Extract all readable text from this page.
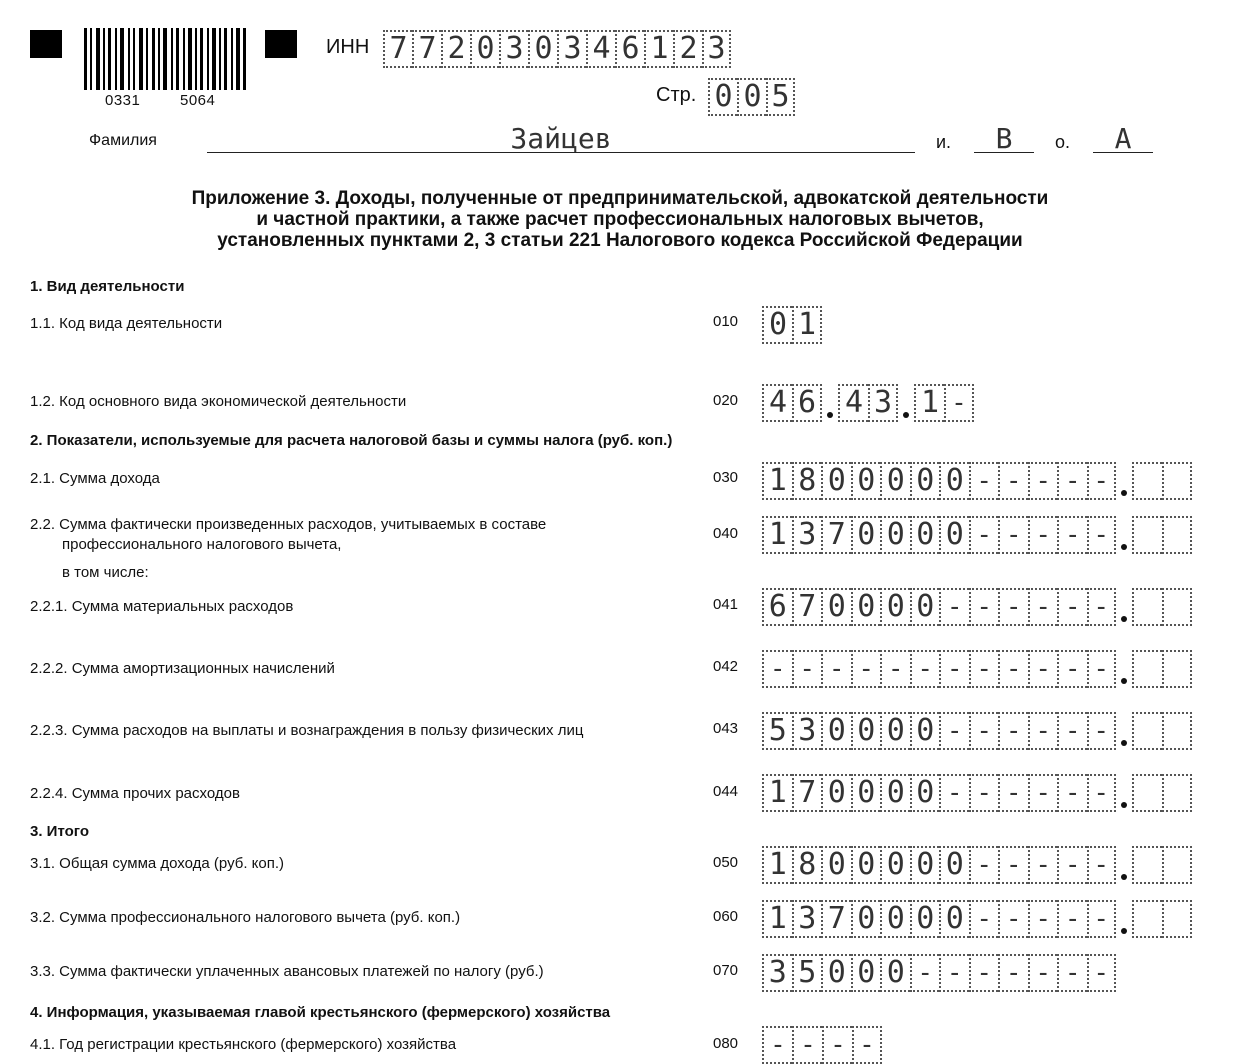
0331	5064
ИНН 7 7 2 0 3 0 3 4 6 1 2 3
Стр. 0 0 5
Фамилия	Зайцев	и.	В	о.	А
Приложение 3. Доходы, полученные от предпринимательской, адвокатской деятельности
и частной практики, а также расчет профессиональных налоговых вычетов,
установленных пунктами 2, 3 статьи 221 Налогового кодекса Российской Федерации
1. Вид деятельности
1.1. Код вида деятельности	010 0 1
1.2. Код основного вида экономической деятельности	020 4 6 4 3 1 -
2. Показатели, используемые для расчета налоговой базы и суммы налога (руб. коп.)
2.1. Сумма дохода	030 1 8 0 0 0 0 0 - - - - -
2.2. Сумма фактически произведенных расходов, учитываемых в составе
профессионального налогового вычета,
в том числе:
040 1 3 7 0 0 0 0 - - - - -
2.2.1. Сумма материальных расходов	041 6 7 0 0 0 0 - - - - - -
2.2.2. Сумма амортизационных начислений	042	- - - - - - - - - - - -
2.2.3. Сумма расходов на выплаты и вознаграждения в пользу физических лиц	043 5 3 0 0 0 0 - - - - - -
2.2.4. Сумма прочих расходов	044 1 7 0 0 0 0 - - - - - -
3. Итого
3.1. Общая сумма дохода (руб. коп.)	050 1 8 0 0 0 0 0 - - - - -
3.2. Сумма профессионального налогового вычета (руб. коп.)	060 1 3 7 0 0 0 0 - - - - -
3.3. Сумма фактически уплаченных авансовых платежей по налогу (руб.)	070 3 5 0 0 0 - - - - - - -
4. Информация, указываемая главой крестьянского (фермерского) хозяйства
4.1. Год регистрации крестьянского (фермерского) хозяйства	080	- - - -
